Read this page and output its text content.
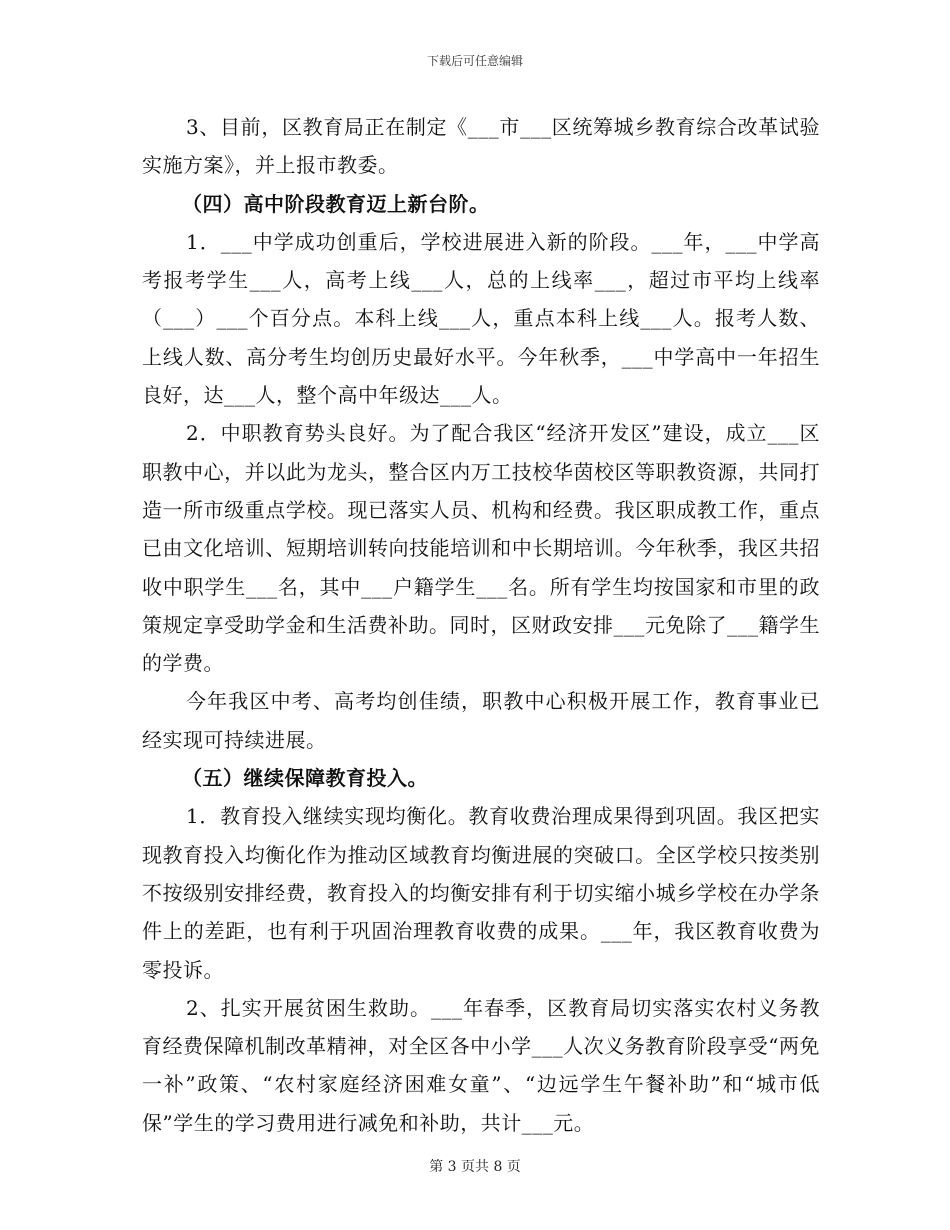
下载后可任意编辑

3、目前，区教育局正在制定《___市___区统筹城乡教育综合改革试验实施方案》，并上报市教委。

（四）高中阶段教育迈上新台阶。

1．___中学成功创重后，学校进展进入新的阶段。___年，___中学高考报考学生___人，高考上线___人，总的上线率___，超过市平均上线率（___）___个百分点。本科上线___人，重点本科上线___人。报考人数、上线人数、高分考生均创历史最好水平。今年秋季，___中学高中一年招生良好，达___人，整个高中年级达___人。

2．中职教育势头良好。为了配合我区“经济开发区”建设，成立___区职教中心，并以此为龙头，整合区内万工技校华茵校区等职教资源，共同打造一所市级重点学校。现已落实人员、机构和经费。我区职成教工作，重点已由文化培训、短期培训转向技能培训和中长期培训。今年秋季，我区共招收中职学生___名，其中___户籍学生___名。所有学生均按国家和市里的政策规定享受助学金和生活费补助。同时，区财政安排___元免除了___籍学生的学费。

今年我区中考、高考均创佳绩，职教中心积极开展工作，教育事业已经实现可持续进展。

（五）继续保障教育投入。

1．教育投入继续实现均衡化。教育收费治理成果得到巩固。我区把实现教育投入均衡化作为推动区域教育均衡进展的突破口。全区学校只按类别不按级别安排经费，教育投入的均衡安排有利于切实缩小城乡学校在办学条件上的差距，也有利于巩固治理教育收费的成果。___年，我区教育收费为零投诉。

2、扎实开展贫困生救助。___年春季，区教育局切实落实农村义务教育经费保障机制改革精神，对全区各中小学___人次义务教育阶段享受“两免一补”政策、“农村家庭经济困难女童”、“边远学生午餐补助”和“城市低保”学生的学习费用进行减免和补助，共计___元。

第 3 页共 8 页
